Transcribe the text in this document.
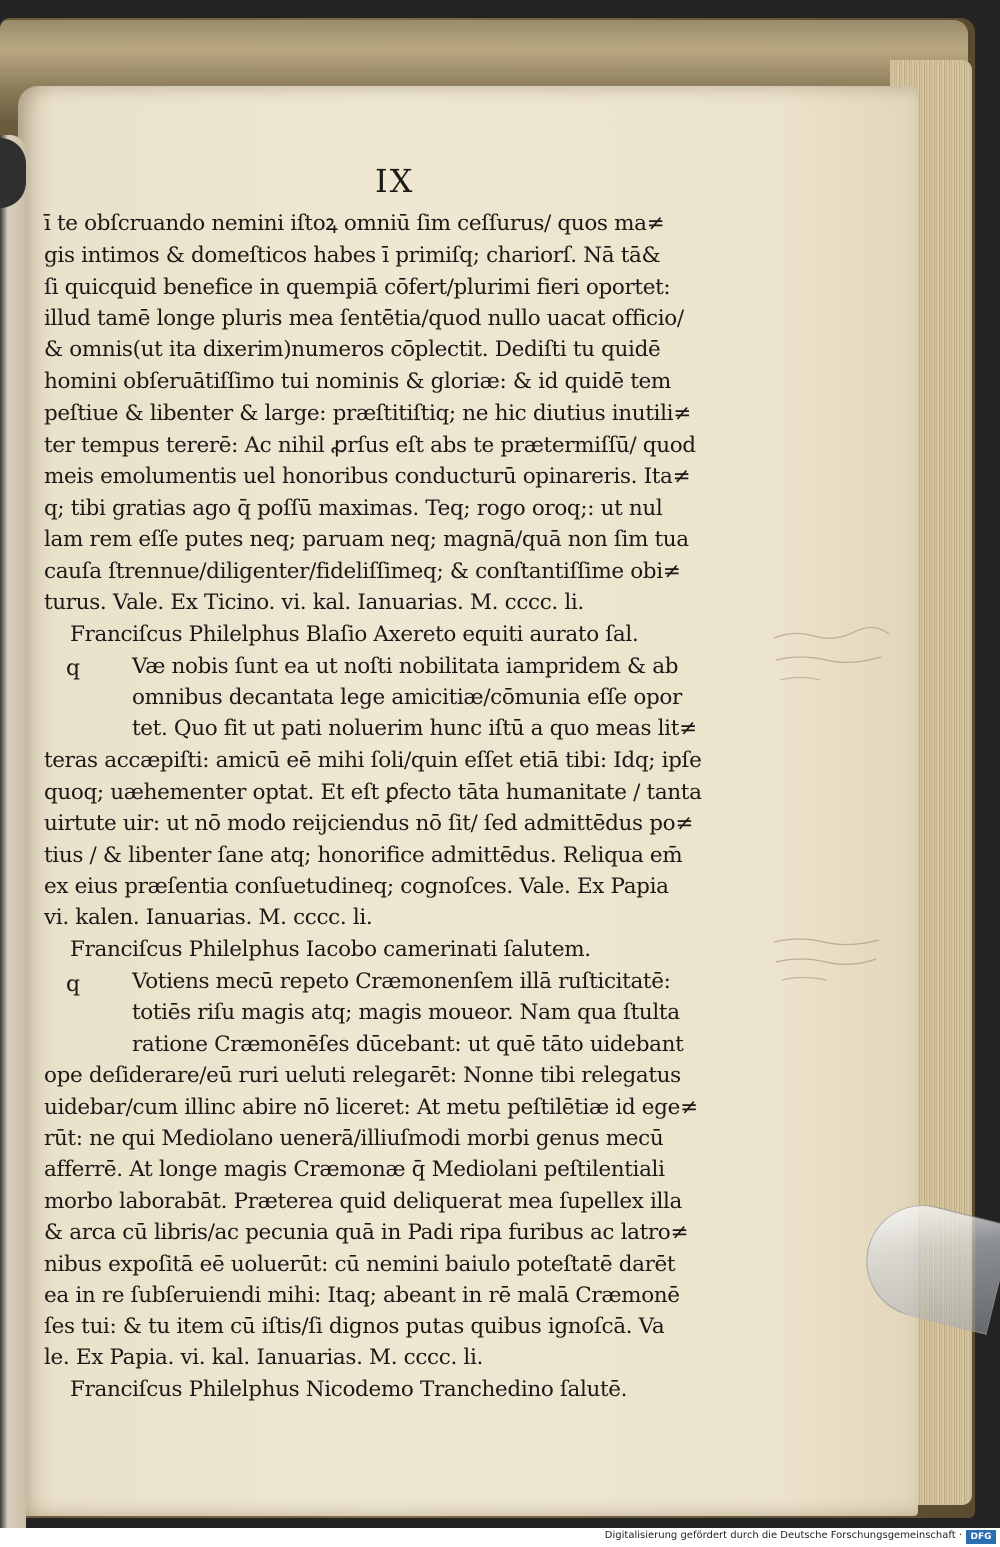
IX
ī te obſcruando nemini iſtoꝝ omniū ſim ceſſurus/ quos ma≠
gis intimos & domeſticos habes ī primiſq; chariorſ. Nā tā&
ſi quicquid benefice in quempiā cōfert/plurimi fieri oportet:
illud tamē longe pluris mea ſentētia/quod nullo uacat officio/
& omnis(ut ita dixerim)numeros cōplectit. Dediſti tu quidē
homini obſeruātiſſimo tui nominis & gloriæ: & id quidē tem
peſtiue & libenter & large: præſtitiſtiq; ne hic diutius inutili≠
ter tempus tererē: Ac nihil ꝓrſus eſt abs te prætermiſſū/ quod
meis emolumentis uel honoribus conducturū opinareris. Ita≠
q; tibi gratias ago q̄ poſſū maximas. Teq; rogo oroq;: ut nul
lam rem eſſe putes neq; paruam neq; magnā/quā non ſim tua
cauſa ſtrennue/diligenter/fideliſſimeq; & conſtantiſſime obi≠
turus. Vale. Ex Ticino. vi. kal. Ianuarias. M. cccc. li.
Franciſcus Philelphus Blaſio Axereto equiti aurato ſal.
q Væ nobis ſunt ea ut noſti nobilitata iampridem & ab
omnibus decantata lege amicitiæ/cōmunia eſſe opor
tet. Quo fit ut pati noluerim hunc iſtū a quo meas lit≠
teras accæpiſti: amicū eē mihi ſoli/quin eſſet etiā tibi: Idq; ipſe
quoq; uæhementer optat. Et eſt ꝑfecto tāta humanitate / tanta
uirtute uir: ut nō modo reijciendus nō ſit/ ſed admittēdus po≠
tius / & libenter ſane atq; honorifice admittēdus. Reliqua em̄
ex eius præſentia conſuetudineq; cognoſces. Vale. Ex Papia
vi. kalen. Ianuarias. M. cccc. li.
Franciſcus Philelphus Iacobo camerinati ſalutem.
q Votiens mecū repeto Cræmonenſem illā ruſticitatē:
totiēs riſu magis atq; magis moueor. Nam qua ſtulta
ratione Cræmonēſes dūcebant: ut quē tāto uidebant
ope deſiderare/eū ruri ueluti relegarēt: Nonne tibi relegatus
uidebar/cum illinc abire nō liceret: At metu peſtilētiæ id ege≠
rūt: ne qui Mediolano uenerā/illiuſmodi morbi genus mecū
afferrē. At longe magis Cræmonæ q̄ Mediolani peſtilentiali
morbo laborabāt. Præterea quid deliquerat mea ſupellex illa
& arca cū libris/ac pecunia quā in Padi ripa furibus ac latro≠
nibus expoſitā eē uoluerūt: cū nemini baiulo poteſtatē darēt
ea in re ſubſeruiendi mihi: Itaq; abeant in rē malā Cræmonē
ſes tui: & tu item cū iſtis/ſi dignos putas quibus ignoſcā. Va
le. Ex Papia. vi. kal. Ianuarias. M. cccc. li.
Franciſcus Philelphus Nicodemo Tranchedino ſalutē.
Digitalisierung gefördert durch die Deutsche Forschungsgemeinschaft · DFG
